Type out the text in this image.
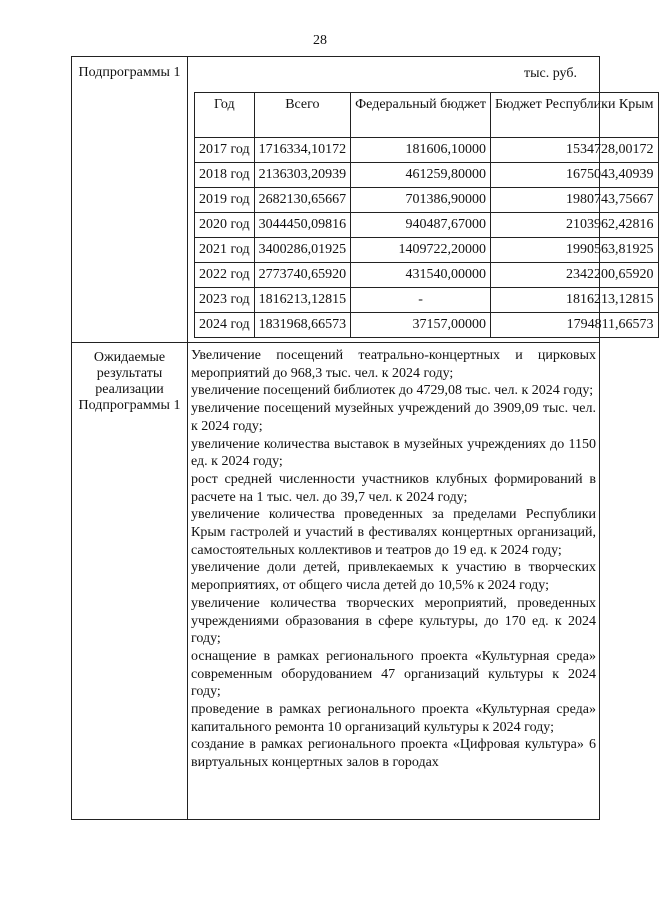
28
Подпрограммы 1	тыс. руб.
Год	Всего	Федеральный бюджет	Бюджет Республики Крым
2017 год	1716334,10172	181606,10000	1534728,00172
2018 год	2136303,20939	461259,80000	1675043,40939
2019 год	2682130,65667	701386,90000	1980743,75667
2020 год	3044450,09816	940487,67000	2103962,42816
2021 год	3400286,01925	1409722,20000	1990563,81925
2022 год	2773740,65920	431540,00000	2342200,65920
2023 год	1816213,12815	-	1816213,12815
2024 год	1831968,66573	37157,00000	1794811,66573
Ожидаемые результаты реализации Подпрограммы 1
Увеличение посещений театрально-концертных и цирковых мероприятий до 968,3 тыс. чел. к 2024 году;
увеличение посещений библиотек до 4729,08 тыс. чел. к 2024 году;
увеличение посещений музейных учреждений до 3909,09 тыс. чел. к 2024 году;
увеличение количества выставок в музейных учреждениях до 1150 ед. к 2024 году;
рост средней численности участников клубных формирований в расчете на 1 тыс. чел. до 39,7 чел. к 2024 году;
увеличение количества проведенных за пределами Республики Крым гастролей и участий в фестивалях концертных организаций, самостоятельных коллективов и театров до 19 ед. к 2024 году;
увеличение доли детей, привлекаемых к участию в творческих мероприятиях, от общего числа детей до 10,5% к 2024 году;
увеличение количества творческих мероприятий, проведенных учреждениями образования в сфере культуры, до 170 ед. к 2024 году;
оснащение в рамках регионального проекта «Культурная среда» современным оборудованием 47 организаций культуры к 2024 году;
проведение в рамках регионального проекта «Культурная среда» капитального ремонта 10 организаций культуры к 2024 году;
создание в рамках регионального проекта «Цифровая культура» 6 виртуальных концертных залов в городах
